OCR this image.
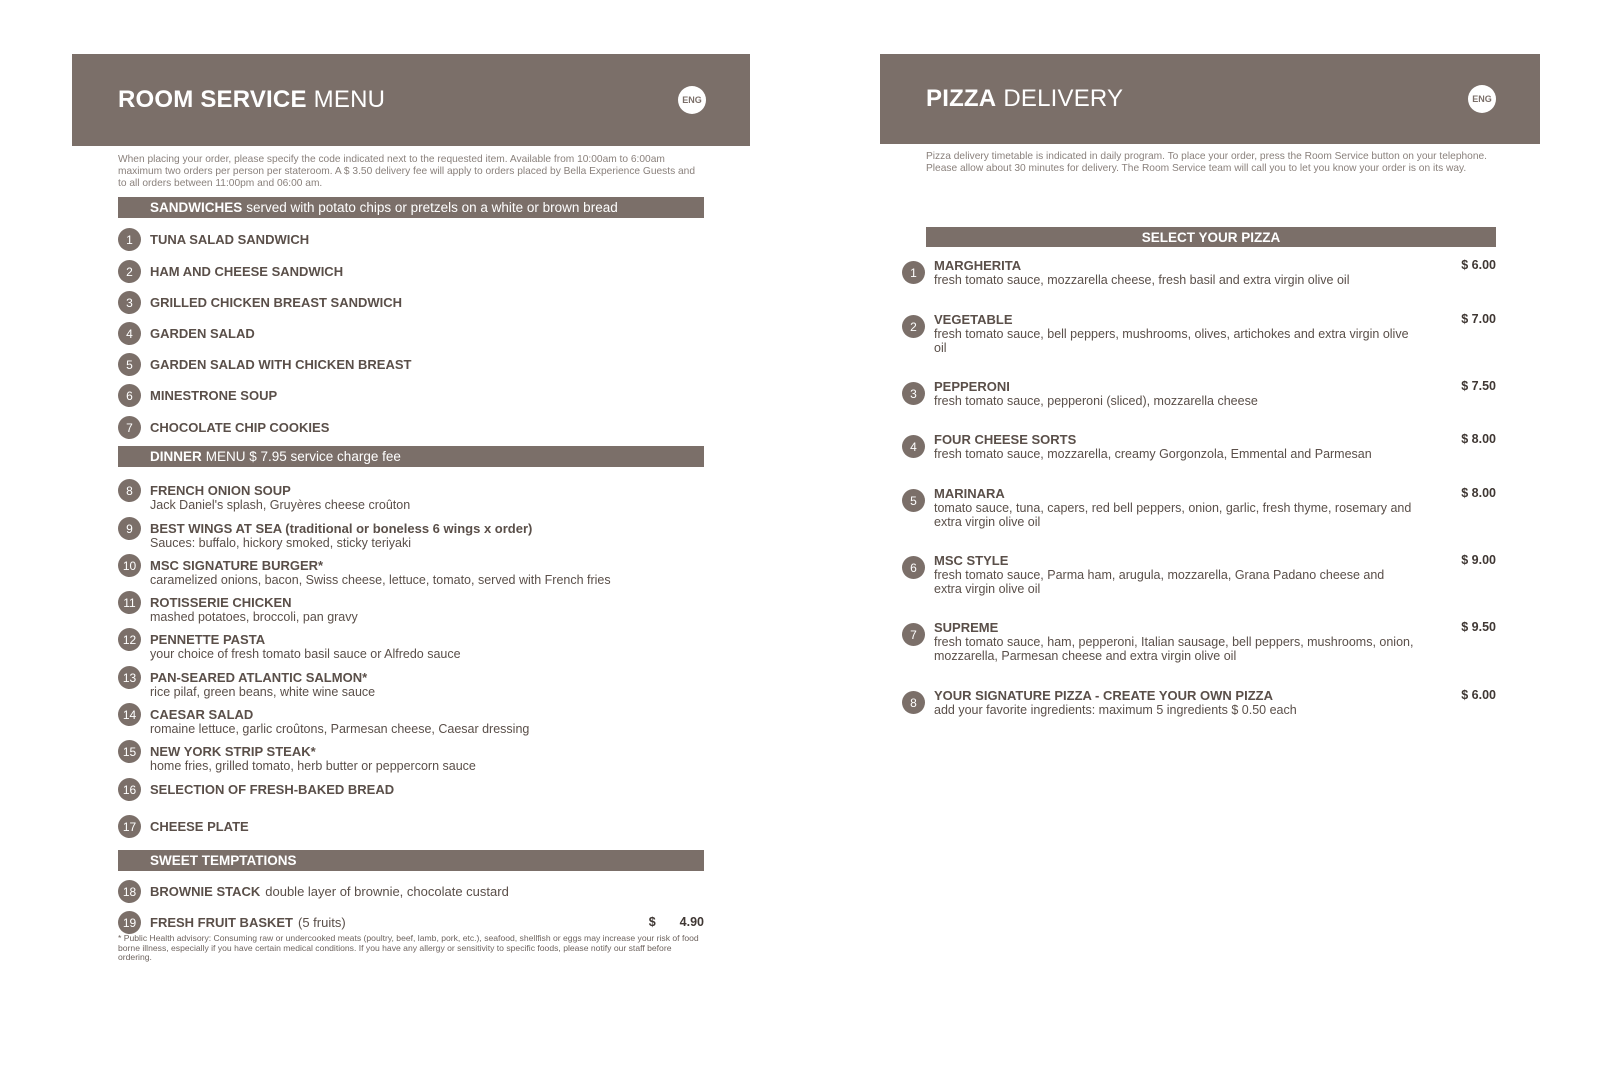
ROOM SERVICE MENU	ENG
When placing your order, please specify the code indicated next to the requested item. Available from 10:00am to 6:00am maximum two orders per person per stateroom. A $ 3.50 delivery fee will apply to orders placed by Bella Experience Guests and to all orders between 11:00pm and 06:00 am.
SANDWICHES served with potato chips or pretzels on a white or brown bread
1	TUNA SALAD SANDWICH
2	HAM AND CHEESE SANDWICH
3	GRILLED CHICKEN BREAST SANDWICH
4	GARDEN SALAD
5	GARDEN SALAD WITH CHICKEN BREAST
6	MINESTRONE SOUP
7	CHOCOLATE CHIP COOKIES
DINNER MENU $ 7.95 service charge fee
8	FRENCH ONION SOUP
Jack Daniel's splash, Gruyères cheese croûton
9	BEST WINGS AT SEA (traditional or boneless 6 wings x order)
Sauces: buffalo, hickory smoked, sticky teriyaki
10	MSC SIGNATURE BURGER*
caramelized onions, bacon, Swiss cheese, lettuce, tomato, served with French fries
11	ROTISSERIE CHICKEN
mashed potatoes, broccoli, pan gravy
12	PENNETTE PASTA
your choice of fresh tomato basil sauce or Alfredo sauce
13	PAN-SEARED ATLANTIC SALMON*
rice pilaf, green beans, white wine sauce
14	CAESAR SALAD
romaine lettuce, garlic croûtons, Parmesan cheese, Caesar dressing
15	NEW YORK STRIP STEAK*
home fries, grilled tomato, herb butter or peppercorn sauce
16	SELECTION OF FRESH-BAKED BREAD
17	CHEESE PLATE
SWEET TEMPTATIONS
18	BROWNIE STACK double layer of brownie, chocolate custard
19	FRESH FRUIT BASKET (5 fruits)	$ 4.90
* Public Health advisory: Consuming raw or undercooked meats (poultry, beef, lamb, pork, etc.), seafood, shellfish or eggs may increase your risk of food borne illness, especially if you have certain medical conditions. If you have any allergy or sensitivity to specific foods, please notify our staff before ordering.
PIZZA DELIVERY	ENG
Pizza delivery timetable is indicated in daily program. To place your order, press the Room Service button on your telephone. Please allow about 30 minutes for delivery. The Room Service team will call you to let you know your order is on its way.
SELECT YOUR PIZZA
1	MARGHERITA
fresh tomato sauce, mozzarella cheese, fresh basil and extra virgin olive oil
$ 6.00
2	VEGETABLE
fresh tomato sauce, bell peppers, mushrooms, olives, artichokes and extra virgin olive oil
$ 7.00
3	PEPPERONI
fresh tomato sauce, pepperoni (sliced), mozzarella cheese
$ 7.50
4	FOUR CHEESE SORTS
fresh tomato sauce, mozzarella, creamy Gorgonzola, Emmental and Parmesan
$ 8.00
5	MARINARA
tomato sauce, tuna, capers, red bell peppers, onion, garlic, fresh thyme, rosemary and extra virgin olive oil
$ 8.00
6	MSC STYLE
fresh tomato sauce, Parma ham, arugula, mozzarella, Grana Padano cheese and extra virgin olive oil
$ 9.00
7	SUPREME
fresh tomato sauce, ham, pepperoni, Italian sausage, bell peppers, mushrooms, onion, mozzarella, Parmesan cheese and extra virgin olive oil
$ 9.50
8	YOUR SIGNATURE PIZZA - CREATE YOUR OWN PIZZA
add your favorite ingredients: maximum 5 ingredients $ 0.50 each
$ 6.00
